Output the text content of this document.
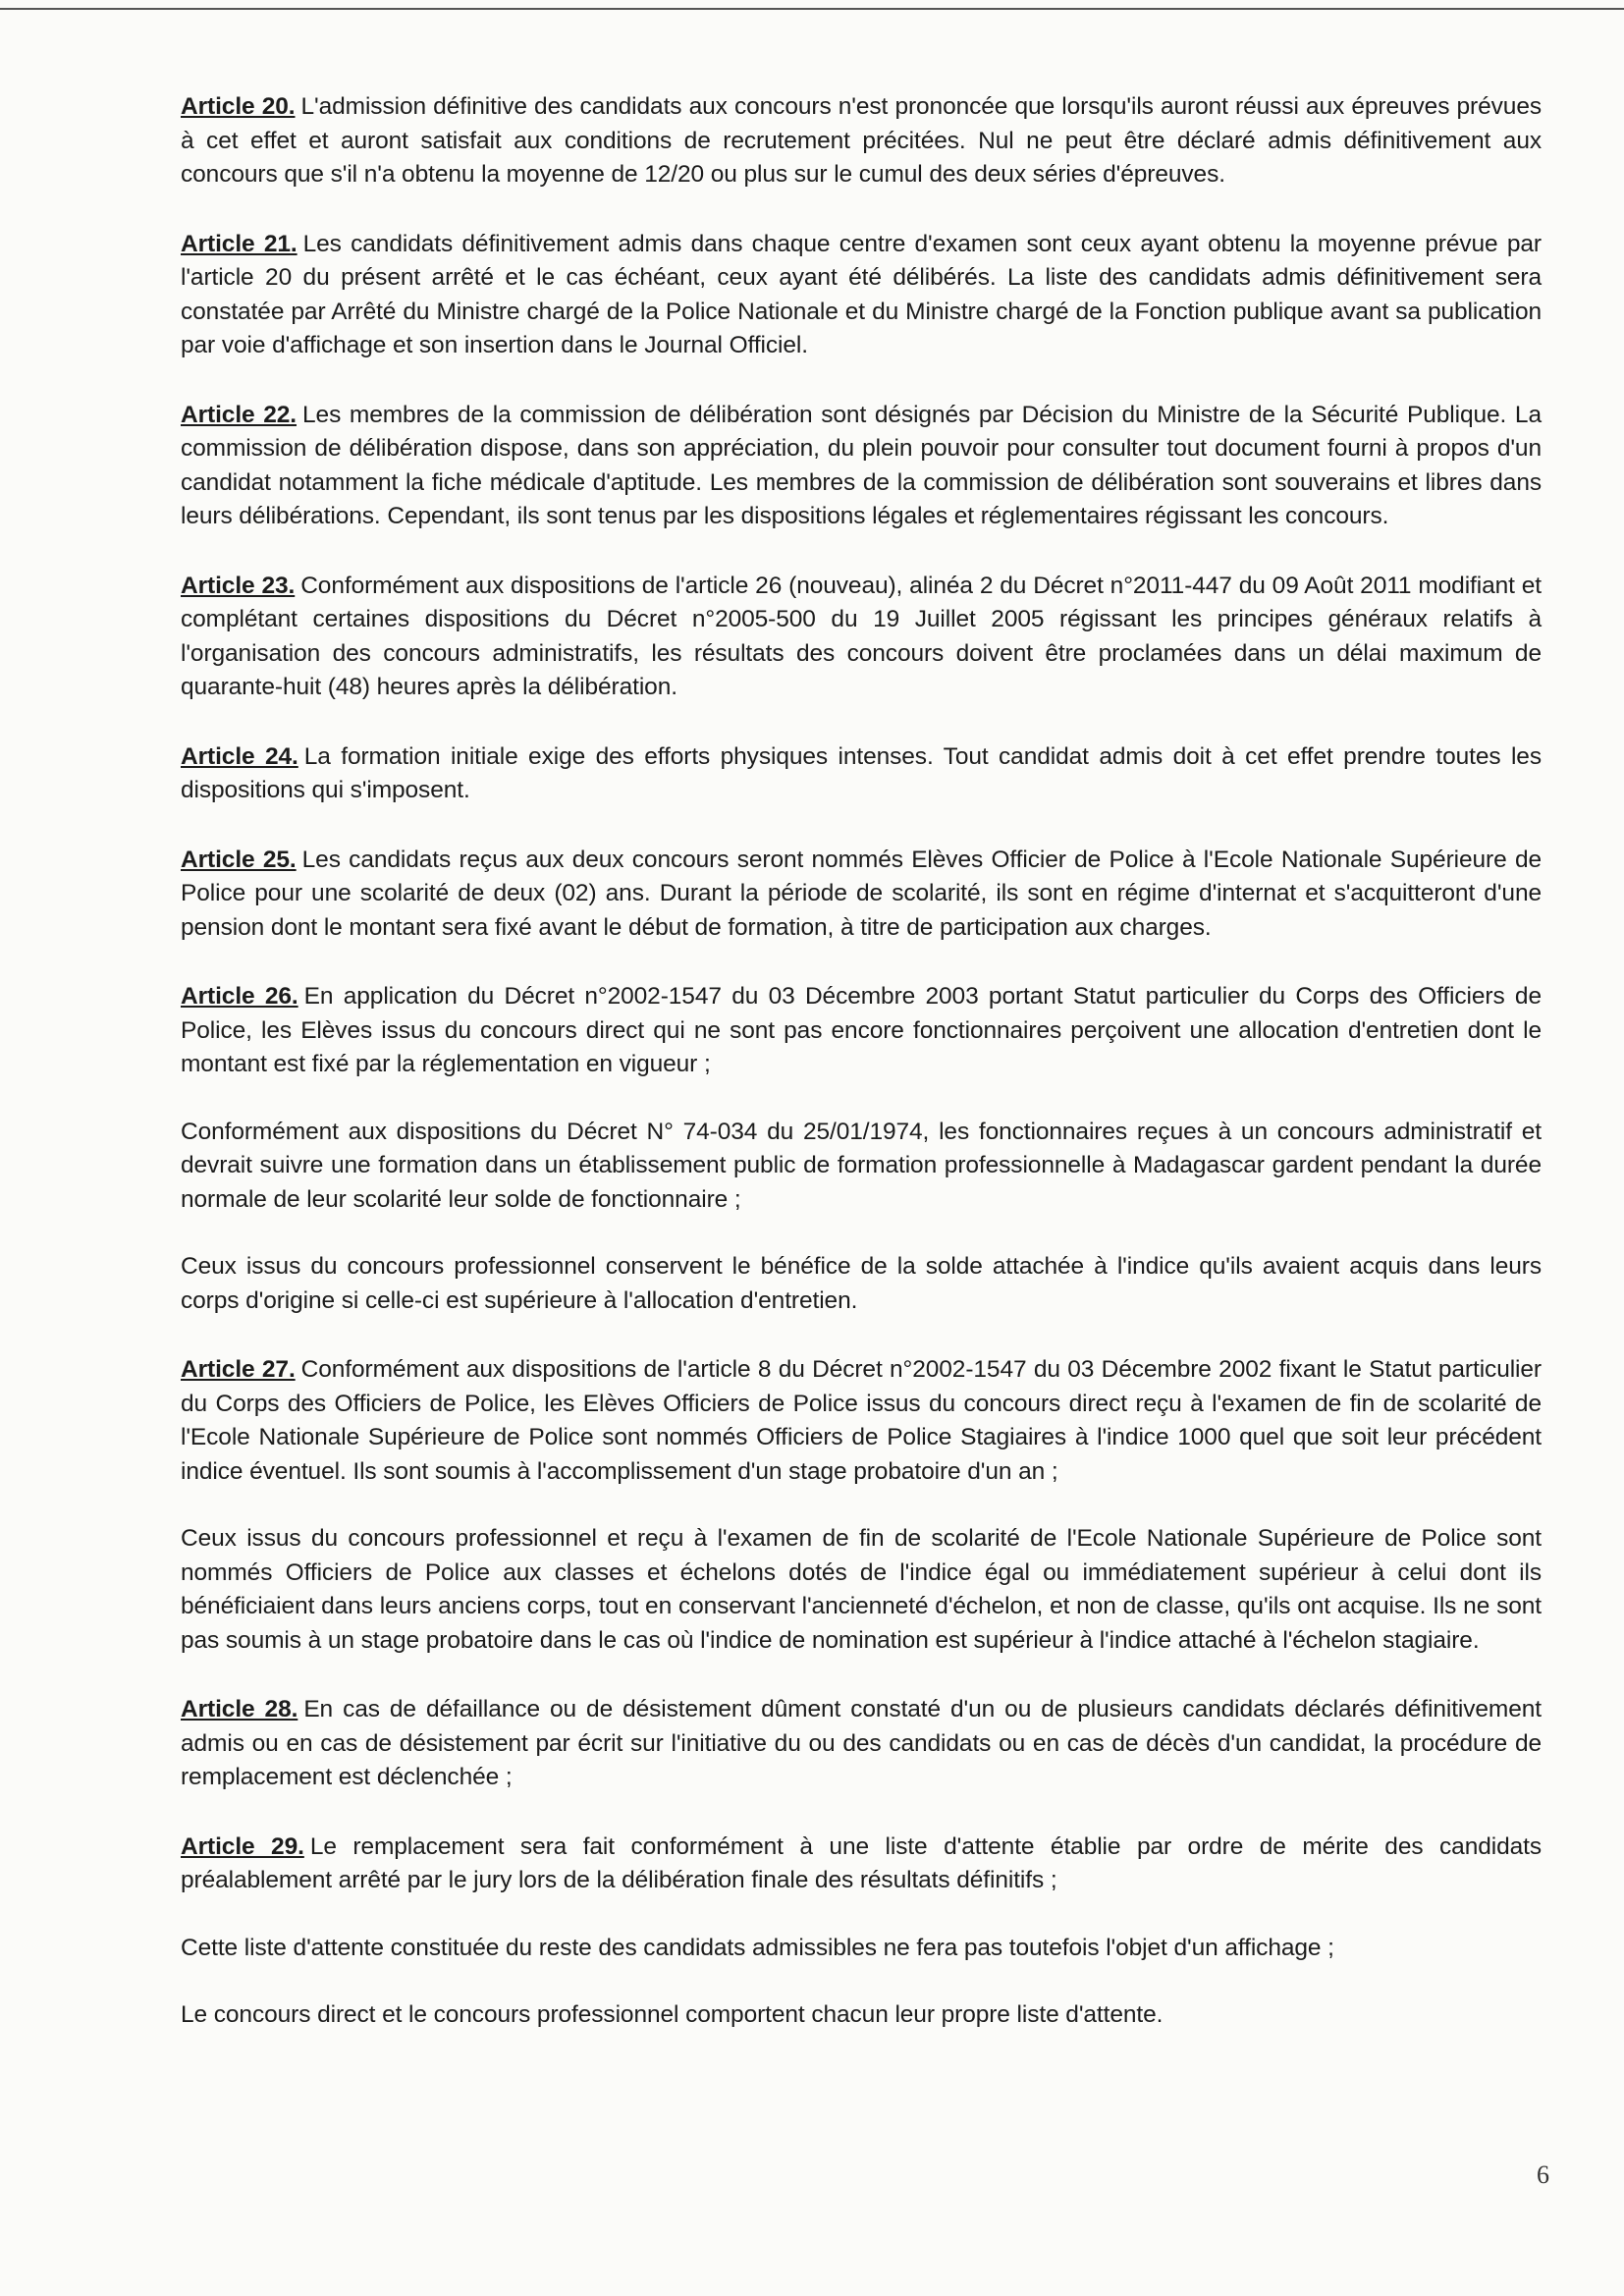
Article 20. L'admission définitive des candidats aux concours n'est prononcée que lorsqu'ils auront réussi aux épreuves prévues à cet effet et auront satisfait aux conditions de recrutement précitées. Nul ne peut être déclaré admis définitivement aux concours que s'il n'a obtenu la moyenne de 12/20 ou plus sur le cumul des deux séries d'épreuves.

Article 21. Les candidats définitivement admis dans chaque centre d'examen sont ceux ayant obtenu la moyenne prévue par l'article 20 du présent arrêté et le cas échéant, ceux ayant été délibérés. La liste des candidats admis définitivement sera constatée par Arrêté du Ministre chargé de la Police Nationale et du Ministre chargé de la Fonction publique avant sa publication par voie d'affichage et son insertion dans le Journal Officiel.

Article 22. Les membres de la commission de délibération sont désignés par Décision du Ministre de la Sécurité Publique. La commission de délibération dispose, dans son appréciation, du plein pouvoir pour consulter tout document fourni à propos d'un candidat notamment la fiche médicale d'aptitude. Les membres de la commission de délibération sont souverains et libres dans leurs délibérations. Cependant, ils sont tenus par les dispositions légales et réglementaires régissant les concours.

Article 23. Conformément aux dispositions de l'article 26 (nouveau), alinéa 2 du Décret n°2011-447 du 09 Août 2011 modifiant et complétant certaines dispositions du Décret n°2005-500 du 19 Juillet 2005 régissant les principes généraux relatifs à l'organisation des concours administratifs, les résultats des concours doivent être proclamées dans un délai maximum de quarante-huit (48) heures après la délibération.

Article 24. La formation initiale exige des efforts physiques intenses. Tout candidat admis doit à cet effet prendre toutes les dispositions qui s'imposent.

Article 25. Les candidats reçus aux deux concours seront nommés Elèves Officier de Police à l'Ecole Nationale Supérieure de Police pour une scolarité de deux (02) ans. Durant la période de scolarité, ils sont en régime d'internat et s'acquitteront d'une pension dont le montant sera fixé avant le début de formation, à titre de participation aux charges.

Article 26. En application du Décret n°2002-1547 du 03 Décembre 2003 portant Statut particulier du Corps des Officiers de Police, les Elèves issus du concours direct qui ne sont pas encore fonctionnaires perçoivent une allocation d'entretien dont le montant est fixé par la réglementation en vigueur ;

Conformément aux dispositions du Décret N° 74-034 du 25/01/1974, les fonctionnaires reçues à un concours administratif et devrait suivre une formation dans un établissement public de formation professionnelle à Madagascar gardent pendant la durée normale de leur scolarité leur solde de fonctionnaire ;

Ceux issus du concours professionnel conservent le bénéfice de la solde attachée à l'indice qu'ils avaient acquis dans leurs corps d'origine si celle-ci est supérieure à l'allocation d'entretien.

Article 27. Conformément aux dispositions de l'article 8 du Décret n°2002-1547 du 03 Décembre 2002 fixant le Statut particulier du Corps des Officiers de Police, les Elèves Officiers de Police issus du concours direct reçu à l'examen de fin de scolarité de l'Ecole Nationale Supérieure de Police sont nommés Officiers de Police Stagiaires à l'indice 1000 quel que soit leur précédent indice éventuel. Ils sont soumis à l'accomplissement d'un stage probatoire d'un an ;

Ceux issus du concours professionnel et reçu à l'examen de fin de scolarité de l'Ecole Nationale Supérieure de Police sont nommés Officiers de Police aux classes et échelons dotés de l'indice égal ou immédiatement supérieur à celui dont ils bénéficiaient dans leurs anciens corps, tout en conservant l'ancienneté d'échelon, et non de classe, qu'ils ont acquise. Ils ne sont pas soumis à un stage probatoire dans le cas où l'indice de nomination est supérieur à l'indice attaché à l'échelon stagiaire.

Article 28. En cas de défaillance ou de désistement dûment constaté d'un ou de plusieurs candidats déclarés définitivement admis ou en cas de désistement par écrit sur l'initiative du ou des candidats ou en cas de décès d'un candidat, la procédure de remplacement est déclenchée ;

Article 29. Le remplacement sera fait conformément à une liste d'attente établie par ordre de mérite des candidats préalablement arrêté par le jury lors de la délibération finale des résultats définitifs ;

Cette liste d'attente constituée du reste des candidats admissibles ne fera pas toutefois l'objet d'un affichage ;

Le concours direct et le concours professionnel comportent chacun leur propre liste d'attente.

6
